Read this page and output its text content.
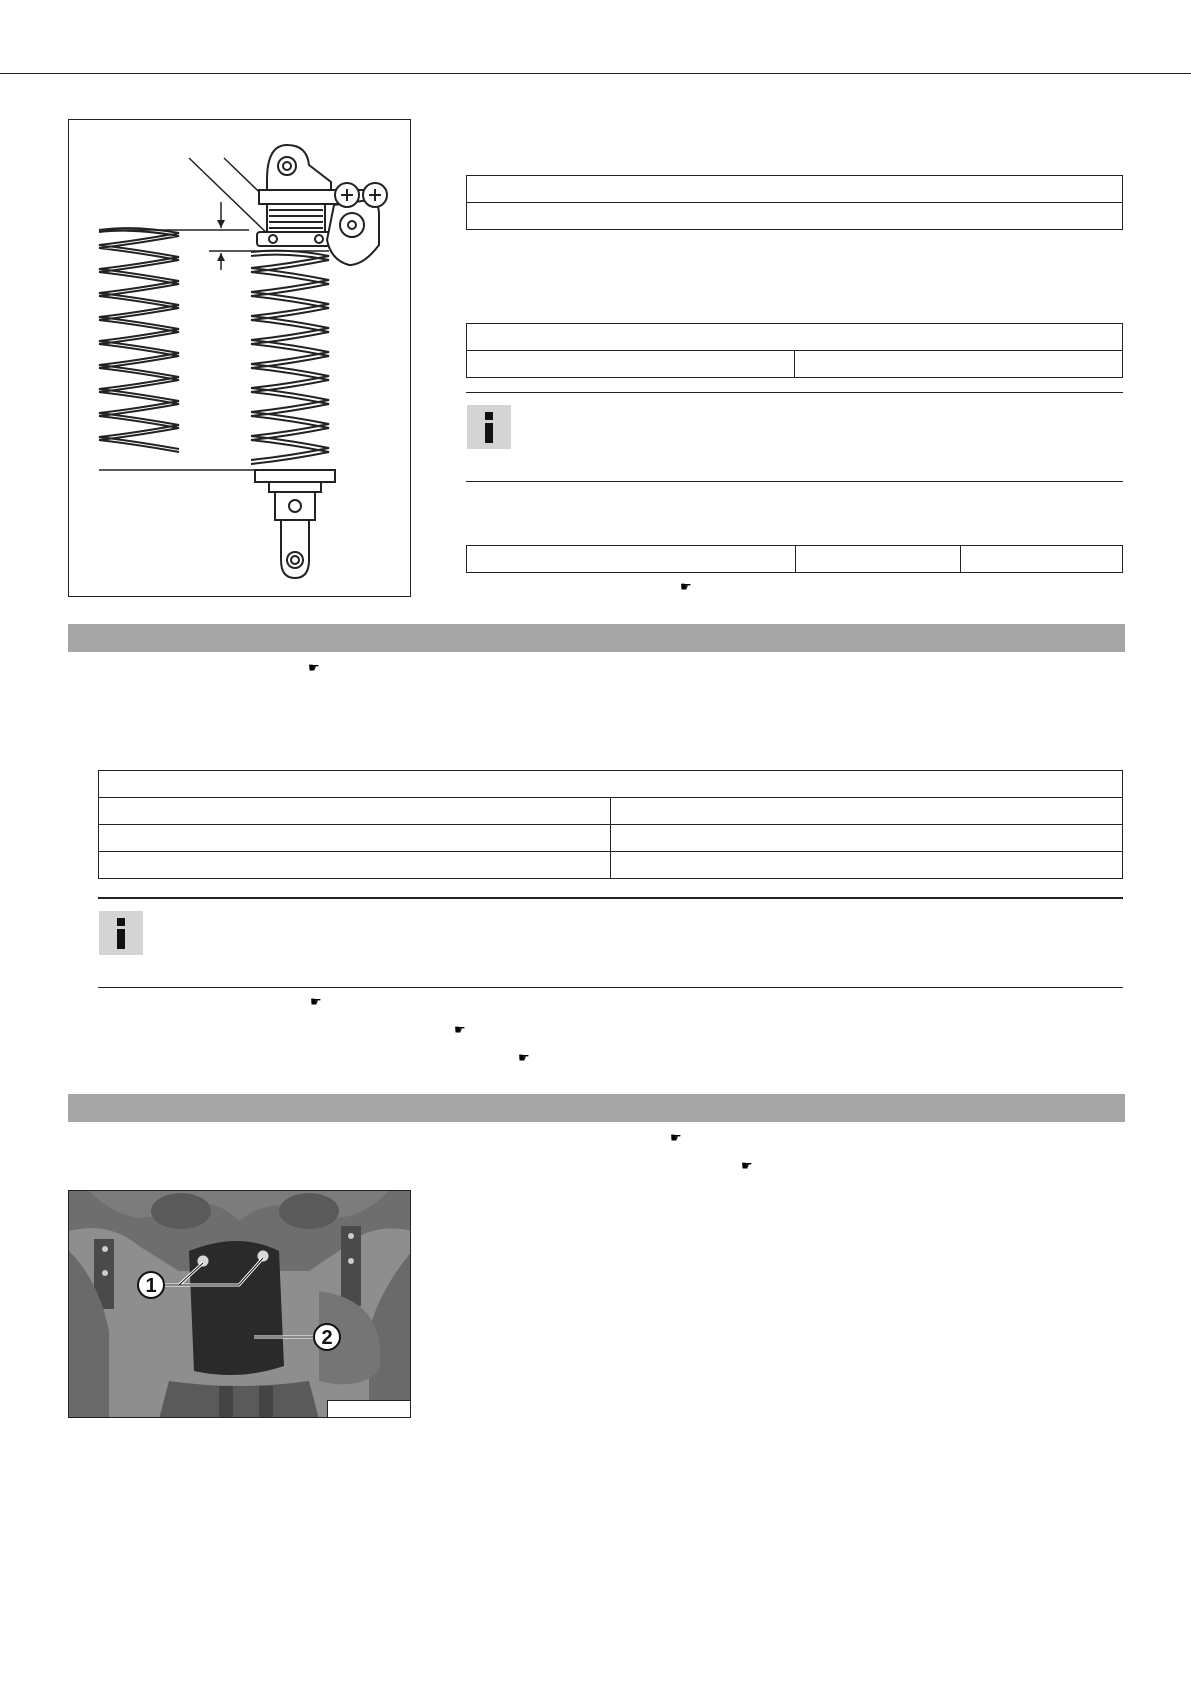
☛
☛

☛
☛
☛
☛
☛
1
2
